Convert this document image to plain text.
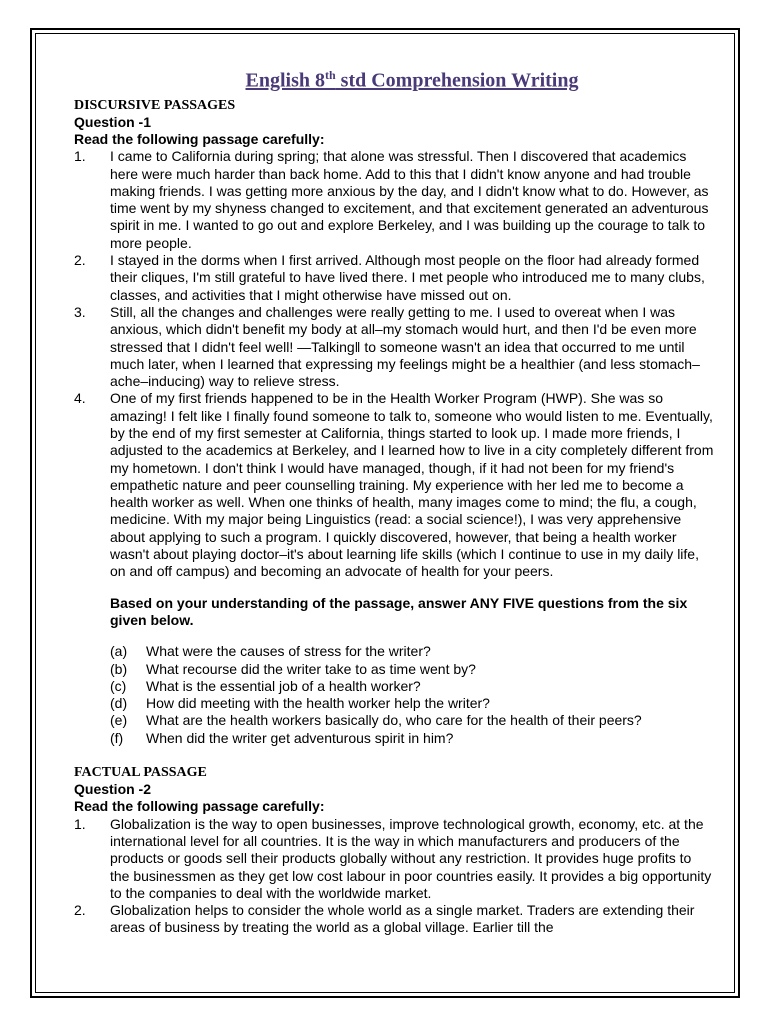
English 8th std Comprehension Writing

DISCURSIVE PASSAGES

Question -1

Read the following passage carefully:

1.	I came to California during spring; that alone was stressful. Then I discovered that academics here were much harder than back home. Add to this that I didn't know anyone and had trouble making friends. I was getting more anxious by the day, and I didn't know what to do. However, as time went by my shyness changed to excitement, and that excitement generated an adventurous spirit in me. I wanted to go out and explore Berkeley, and I was building up the courage to talk to more people.
2.	I stayed in the dorms when I first arrived. Although most people on the floor had already formed their cliques, I'm still grateful to have lived there. I met people who introduced me to many clubs, classes, and activities that I might otherwise have missed out on.
3.	Still, all the changes and challenges were really getting to me. I used to overeat when I was anxious, which didn't benefit my body at all–my stomach would hurt, and then I'd be even more stressed that I didn't feel well! —Talking‖ to someone wasn't an idea that occurred to me until much later, when I learned that expressing my feelings might be a healthier (and less stomach–ache–inducing) way to relieve stress.
4.	One of my first friends happened to be in the Health Worker Program (HWP). She was so amazing! I felt like I finally found someone to talk to, someone who would listen to me. Eventually, by the end of my first semester at California, things started to look up. I made more friends, I adjusted to the academics at Berkeley, and I learned how to live in a city completely different from my hometown. I don't think I would have managed, though, if it had not been for my friend's empathetic nature and peer counselling training. My experience with her led me to become a health worker as well. When one thinks of health, many images come to mind; the flu, a cough, medicine. With my major being Linguistics (read: a social science!), I was very apprehensive about applying to such a program. I quickly discovered, however, that being a health worker wasn't about playing doctor–it's about learning life skills (which I continue to use in my daily life, on and off campus) and becoming an advocate of health for your peers.

Based on your understanding of the passage, answer ANY FIVE questions from the six given below.

(a)	What were the causes of stress for the writer?
(b)	What recourse did the writer take to as time went by?
(c)	What is the essential job of a health worker?
(d)	How did meeting with the health worker help the writer?
(e)	What are the health workers basically do, who care for the health of their peers?
(f)	When did the writer get adventurous spirit in him?

FACTUAL PASSAGE

Question -2

Read the following passage carefully:

1.	Globalization is the way to open businesses, improve technological growth, economy, etc. at the international level for all countries. It is the way in which manufacturers and producers of the products or goods sell their products globally without any restriction. It provides huge profits to the businessmen as they get low cost labour in poor countries easily. It provides a big opportunity to the companies to deal with the worldwide market.
2.	Globalization helps to consider the whole world as a single market. Traders are extending their areas of business by treating the world as a global village. Earlier till the
